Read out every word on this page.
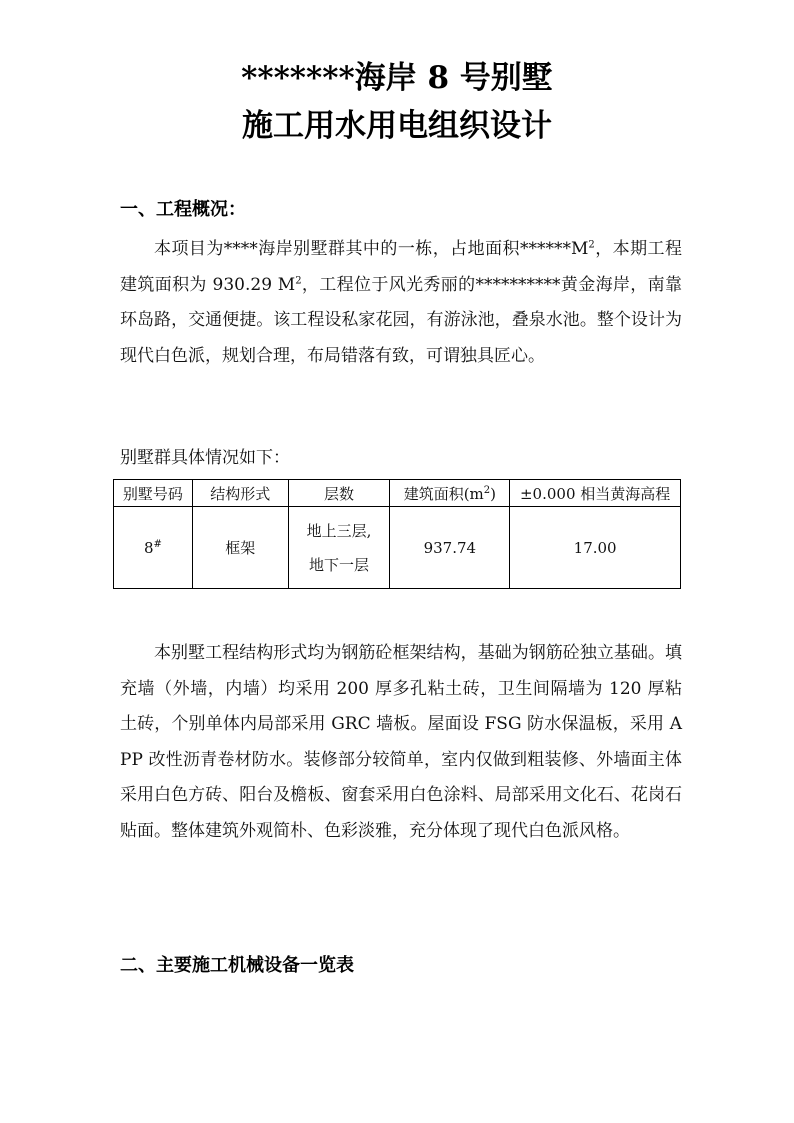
*******海岸 8 号别墅
施工用水用电组织设计
一、工程概况：

本项目为****海岸别墅群其中的一栋，占地面积$******M^2$，本期工程建筑面积为 930.29 $M^2$，工程位于风光秀丽的**********黄金海岸，南靠环岛路，交通便捷。该工程设私家花园，有游泳池，叠泉水池。整个设计为现代白色派，规划合理，布局错落有致，可谓独具匠心。

别墅群具体情况如下：

别墅号码	结构形式	层数	建筑面积$(m^2)$	±0.000 相当黄海高程
8#	框架	地上三层,
地下一层	937.74	17.00

本别墅工程结构形式均为钢筋砼框架结构，基础为钢筋砼独立基础。填充墙（外墙，内墙）均采用 200 厚多孔粘土砖，卫生间隔墙为 120 厚粘土砖，个别单体内局部采用 GRC 墙板。屋面设 FSG 防水保温板，采用 APP 改性沥青卷材防水。装修部分较简单，室内仅做到粗装修、外墙面主体采用白色方砖、阳台及檐板、窗套采用白色涂料、局部采用文化石、花岗石贴面。整体建筑外观简朴、色彩淡雅，充分体现了现代白色派风格。

二、主要施工机械设备一览表
